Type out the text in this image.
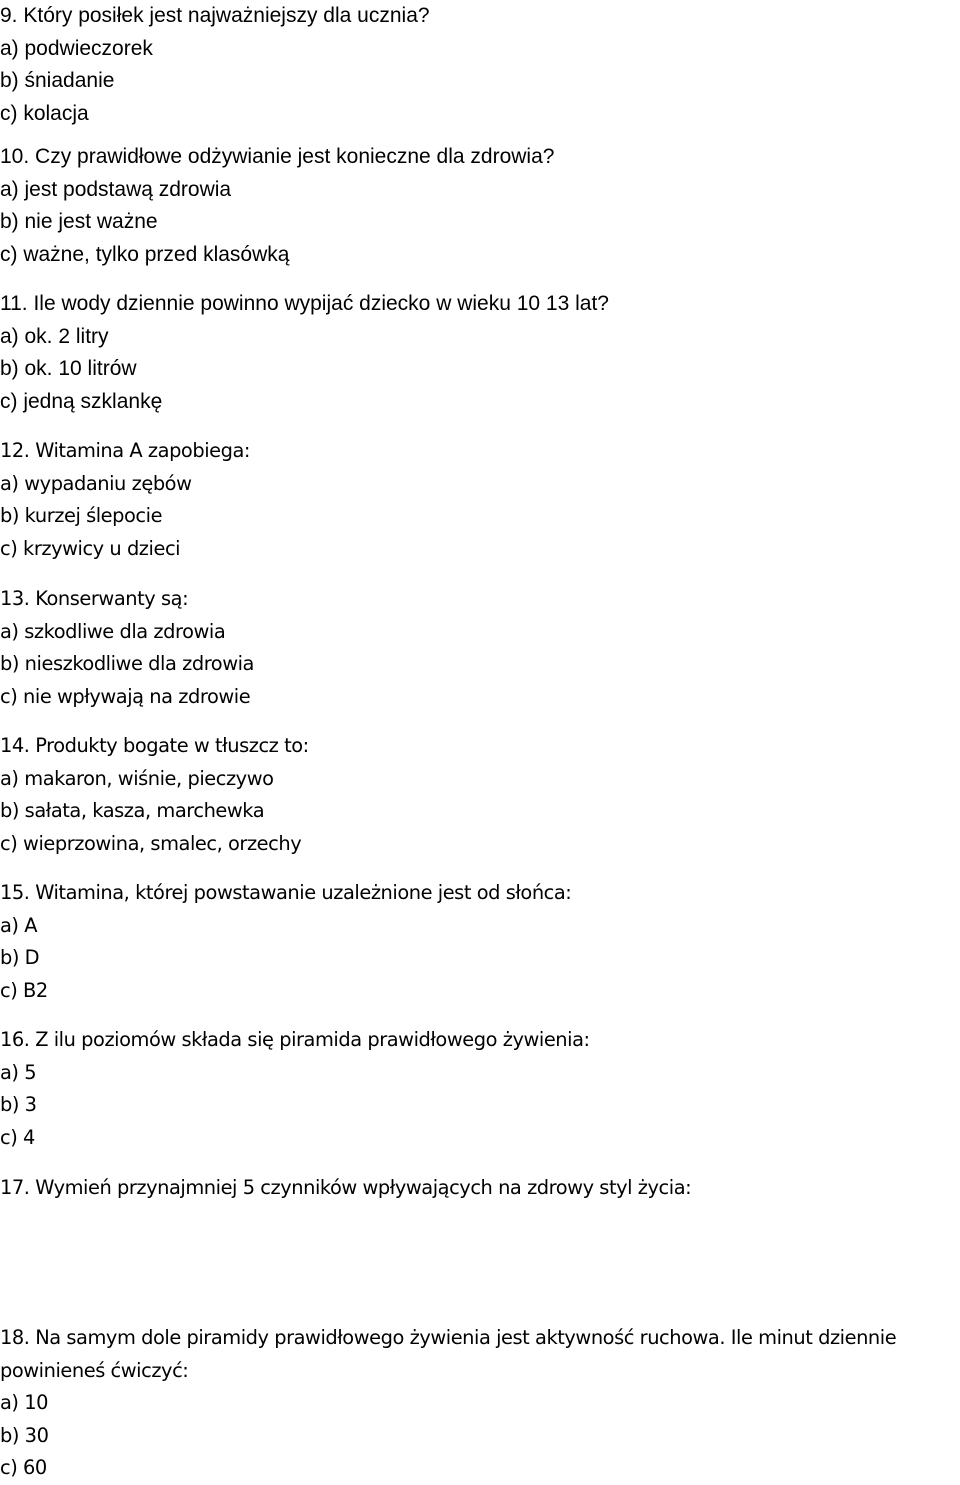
9. Który posiłek jest najważniejszy dla ucznia?
a) podwieczorek
b) śniadanie
c) kolacja
10. Czy prawidłowe odżywianie jest konieczne dla zdrowia?
a) jest podstawą zdrowia
b) nie jest ważne
c) ważne, tylko przed klasówką
11. Ile wody dziennie powinno wypijać dziecko w wieku 10 13 lat?
a) ok. 2 litry
b) ok. 10 litrów
c) jedną szklankę
12. Witamina A zapobiega:
a) wypadaniu zębów
b) kurzej ślepocie
c) krzywicy u dzieci
13. Konserwanty są:
a) szkodliwe dla zdrowia
b) nieszkodliwe dla zdrowia
c) nie wpływają na zdrowie
14. Produkty bogate w tłuszcz to:
a) makaron, wiśnie, pieczywo
b) sałata, kasza, marchewka
c) wieprzowina, smalec, orzechy
15. Witamina, której powstawanie uzależnione jest od słońca:
a) A
b) D
c) B2
16. Z ilu poziomów składa się piramida prawidłowego żywienia:
a) 5
b) 3
c) 4
17. Wymień przynajmniej 5 czynników wpływających na zdrowy styl życia:
18. Na samym dole piramidy prawidłowego żywienia jest aktywność ruchowa. Ile minut dziennie powinieneś ćwiczyć:
a) 10
b) 30
c) 60
